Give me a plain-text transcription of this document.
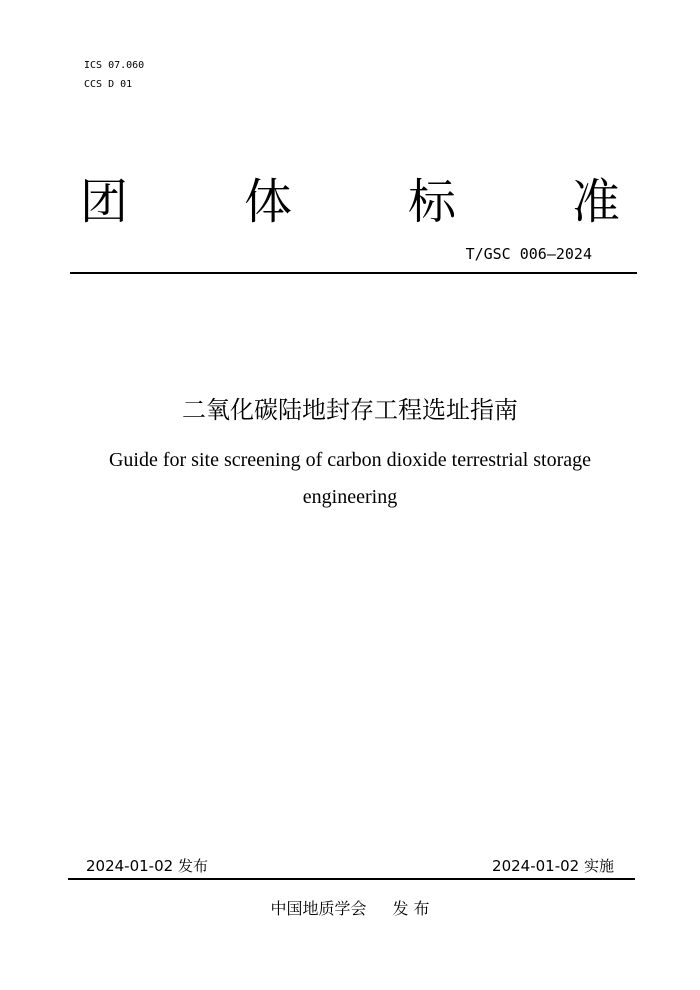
ICS 07.060
CCS D 01
团 体 标 准
T/GSC 006—2024
二氧化碳陆地封存工程选址指南
Guide for site screening of carbon dioxide terrestrial storage engineering
2024-01-02 发布	2024-01-02 实施
中国地质学会 发 布
